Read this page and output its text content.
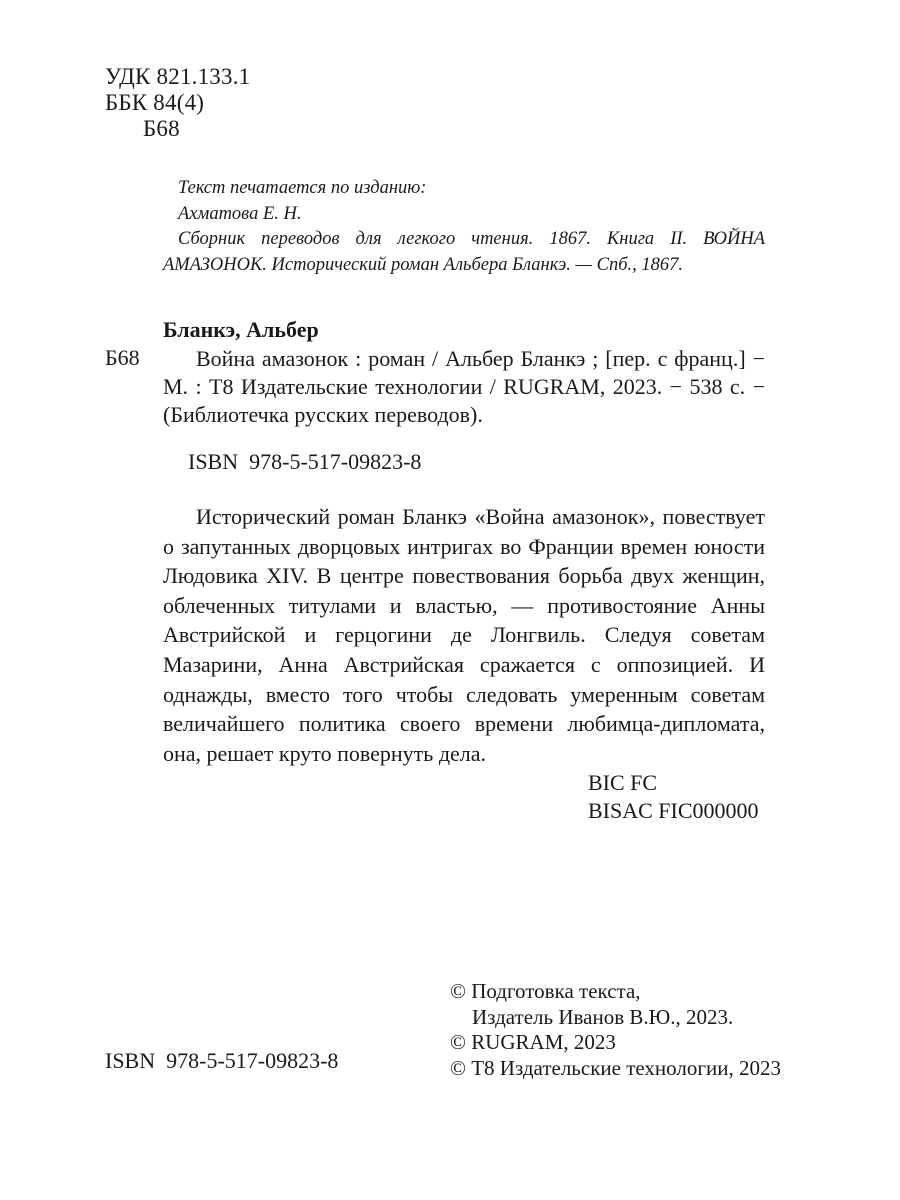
УДК 821.133.1
ББК 84(4)
Б68
Текст печатается по изданию:
Ахматова Е. Н.
Сборник переводов для легкого чтения. 1867. Книга II. ВОЙНА
АМАЗОНОК. Исторический роман Альбера Бланкэ. — Спб., 1867.
Б68
Бланкэ, Альбер
Война амазонок : роман / Альбер Бланкэ ; [пер. с франц.] − М. : Т8 Издательские технологии / RUGRAM, 2023. − 538 с. − (Библиотечка русских переводов).
ISBN  978-5-517-09823-8
Исторический роман Бланкэ «Война амазонок», повествует о запутанных дворцовых интригах во Франции времен юности Людовика XIV. В центре повествования борьба двух женщин, облеченных титулами и властью, — противостояние Анны Австрийской и герцогини де Лонгвиль. Следуя советам Мазарини, Анна Австрийская сражается с оппозицией. И однажды, вместо того чтобы следовать умеренным советам величайшего политика своего времени любимца-дипломата, она, решает круто повернуть дела.
BIC FC
BISAC FIC000000
© Подготовка текста,
Издатель Иванов В.Ю., 2023.
© RUGRAM, 2023
© Т8 Издательские технологии, 2023
ISBN  978-5-517-09823-8
